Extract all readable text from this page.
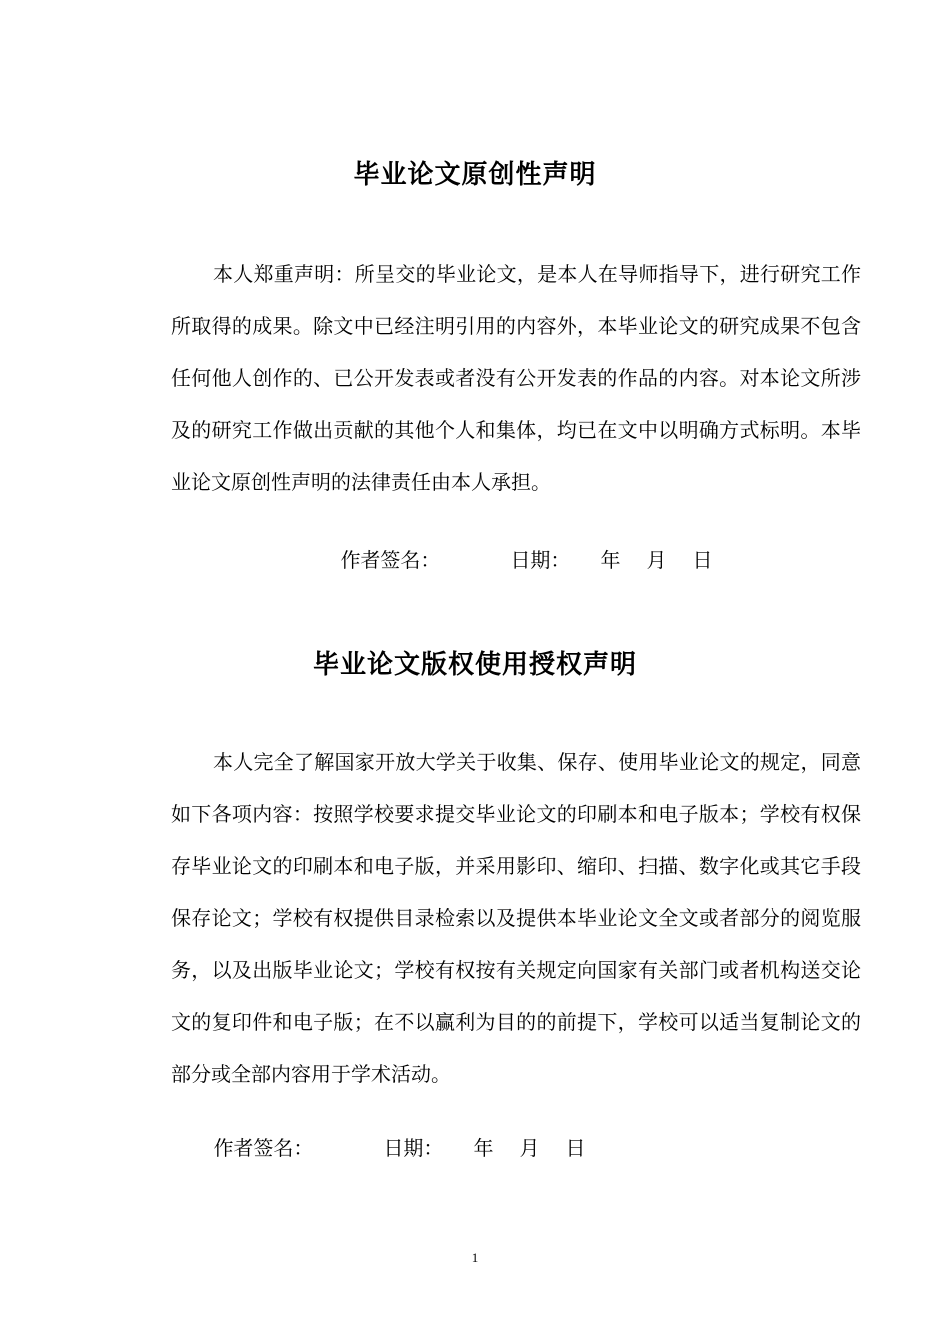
毕业论文原创性声明

本人郑重声明：所呈交的毕业论文，是本人在导师指导下，进行研究工作所取得的成果。除文中已经注明引用的内容外，本毕业论文的研究成果不包含任何他人创作的、已公开发表或者没有公开发表的作品的内容。对本论文所涉及的研究工作做出贡献的其他个人和集体，均已在文中以明确方式标明。本毕业论文原创性声明的法律责任由本人承担。

作者签名：	日期： 年 月 日

毕业论文版权使用授权声明

本人完全了解国家开放大学关于收集、保存、使用毕业论文的规定，同意如下各项内容：按照学校要求提交毕业论文的印刷本和电子版本；学校有权保存毕业论文的印刷本和电子版，并采用影印、缩印、扫描、数字化或其它手段保存论文；学校有权提供目录检索以及提供本毕业论文全文或者部分的阅览服务，以及出版毕业论文；学校有权按有关规定向国家有关部门或者机构送交论文的复印件和电子版；在不以赢利为目的的前提下，学校可以适当复制论文的部分或全部内容用于学术活动。

作者签名：	日期： 年 月 日

1
